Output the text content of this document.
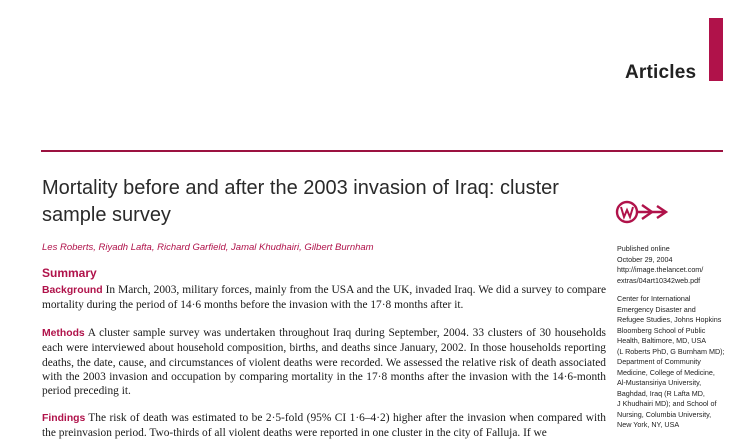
Articles
Mortality before and after the 2003 invasion of Iraq: cluster sample survey
Les Roberts, Riyadh Lafta, Richard Garfield, Jamal Khudhairi, Gilbert Burnham
Summary
Background In March, 2003, military forces, mainly from the USA and the UK, invaded Iraq. We did a survey to compare mortality during the period of 14·6 months before the invasion with the 17·8 months after it.
Methods A cluster sample survey was undertaken throughout Iraq during September, 2004. 33 clusters of 30 households each were interviewed about household composition, births, and deaths since January, 2002. In those households reporting deaths, the date, cause, and circumstances of violent deaths were recorded. We assessed the relative risk of death associated with the 2003 invasion and occupation by comparing mortality in the 17·8 months after the invasion with the 14·6-month period preceding it.
Findings The risk of death was estimated to be 2·5-fold (95% CI 1·6–4·2) higher after the invasion when compared with the preinvasion period. Two-thirds of all violent deaths were reported in one cluster in the city of Falluja. If we
Published online
October 29, 2004
http://image.thelancet.com/
extras/04art10342web.pdf
Center for International
Emergency Disaster and
Refugee Studies, Johns Hopkins
Bloomberg School of Public
Health, Baltimore, MD, USA
(L Roberts PhD, G Burnham MD);
Department of Community
Medicine, College of Medicine,
Al-Mustansiriya University,
Baghdad, Iraq (R Lafta MD,
J Khudhairi MD); and School of
Nursing, Columbia University,
New York, NY, USA
